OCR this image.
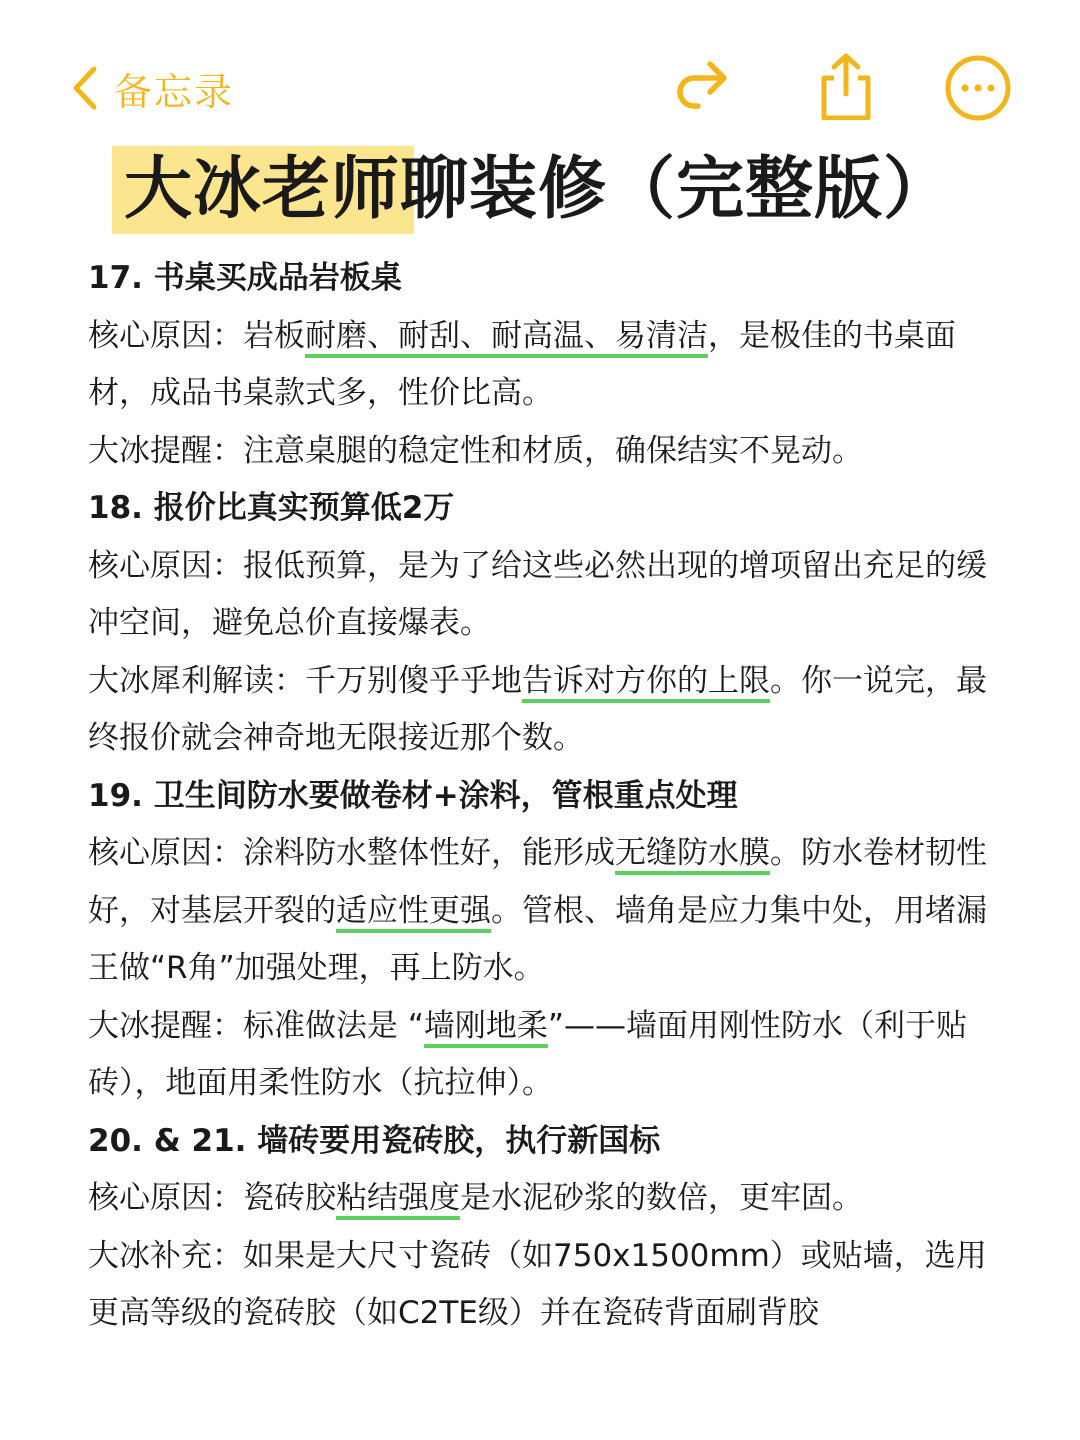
备忘录
大冰老师聊装修（完整版）
17. 书桌买成品岩板桌

核心原因：岩板耐磨、耐刮、耐高温、易清洁，是极佳的书桌面材，成品书桌款式多，性价比高。

大冰提醒：注意桌腿的稳定性和材质，确保结实不晃动。

18. 报价比真实预算低2万

核心原因：报低预算，是为了给这些必然出现的增项留出充足的缓冲空间，避免总价直接爆表。

大冰犀利解读：千万别傻乎乎地告诉对方你的上限。你一说完，最终报价就会神奇地无限接近那个数。

19. 卫生间防水要做卷材+涂料，管根重点处理

核心原因：涂料防水整体性好，能形成无缝防水膜。防水卷材韧性好，对基层开裂的适应性更强。管根、墙角是应力集中处，用堵漏王做“R角”加强处理，再上防水。

大冰提醒：标准做法是 “墙刚地柔”——墙面用刚性防水（利于贴砖），地面用柔性防水（抗拉伸）。

20. & 21. 墙砖要用瓷砖胶，执行新国标

核心原因：瓷砖胶粘结强度是水泥砂浆的数倍，更牢固。

大冰补充：如果是大尺寸瓷砖（如750x1500mm）或贴墙，选用更高等级的瓷砖胶（如C2TE级）并在瓷砖背面刷背胶
